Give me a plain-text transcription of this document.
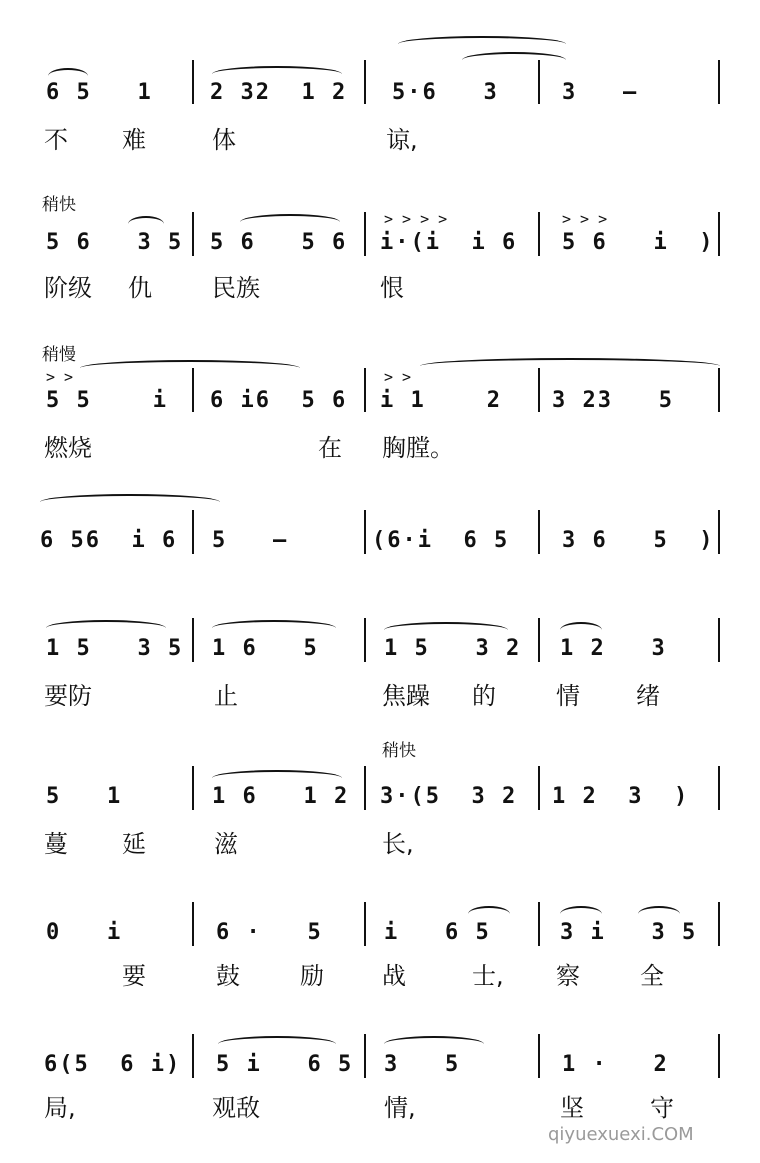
稍快
稍慢
稍快
6 5   1	2 32  1 2 5·6   3	3   –
不 难	体	谅,
> > > >	> > >
5 6   3 5 5 6   5 6 i·(i  i 6 5 6   i  )
阶级 仇	民族	恨
> >	> >
5 5    i 6 i6  5 6 i 1    2 3 23   5
燃烧	在 胸膛。
6 56  i 6 5   –	(6·i  6 5 3 6   5  )
1 5   3 5 1 6   5	1 5   3 2 1 2   3
要防	止	焦躁 的	情 绪
5   1	1 6   1 2 3·(5  3 2 1 2  3  )
蔓 延	滋	长,
0   i	6 ·   5	i   6 5	3 i   3 5
要	鼓	励 战	士, 察	全
6(5  6 i) 5 i   6 5 3   5	1 ·   2
局,	观敌	情,	坚	守
qiyuexuexi.COM
